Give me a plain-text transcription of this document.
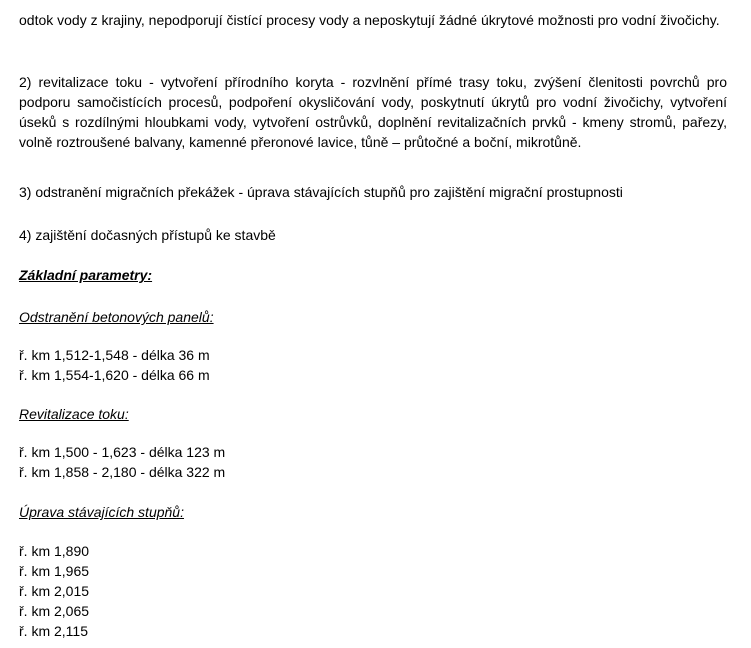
odtok vody z krajiny, nepodporují čistící procesy vody a neposkytují žádné úkrytové možnosti pro vodní živočichy.

2) revitalizace toku - vytvoření přírodního koryta - rozvlnění přímé trasy toku, zvýšení členitosti povrchů pro podporu samočistících procesů, podpoření okysličování vody, poskytnutí úkrytů pro vodní živočichy, vytvoření úseků s rozdílnými hloubkami vody, vytvoření ostrůvků, doplnění revitalizačních prvků - kmeny stromů, pařezy, volně roztroušené balvany, kamenné přeronové lavice, tůně – průtočné a boční, mikrotůně.

3) odstranění migračních překážek - úprava stávajících stupňů pro zajištění migrační prostupnosti

4) zajištění dočasných přístupů ke stavbě

Základní parametry:

Odstranění betonových panelů:

ř. km 1,512-1,548 - délka 36 m

ř. km 1,554-1,620 - délka 66 m

Revitalizace toku:

ř. km 1,500 - 1,623 - délka 123 m

ř. km 1,858 - 2,180 - délka 322 m

Úprava stávajících stupňů:

ř. km 1,890

ř. km 1,965

ř. km 2,015

ř. km 2,065

ř. km 2,115
